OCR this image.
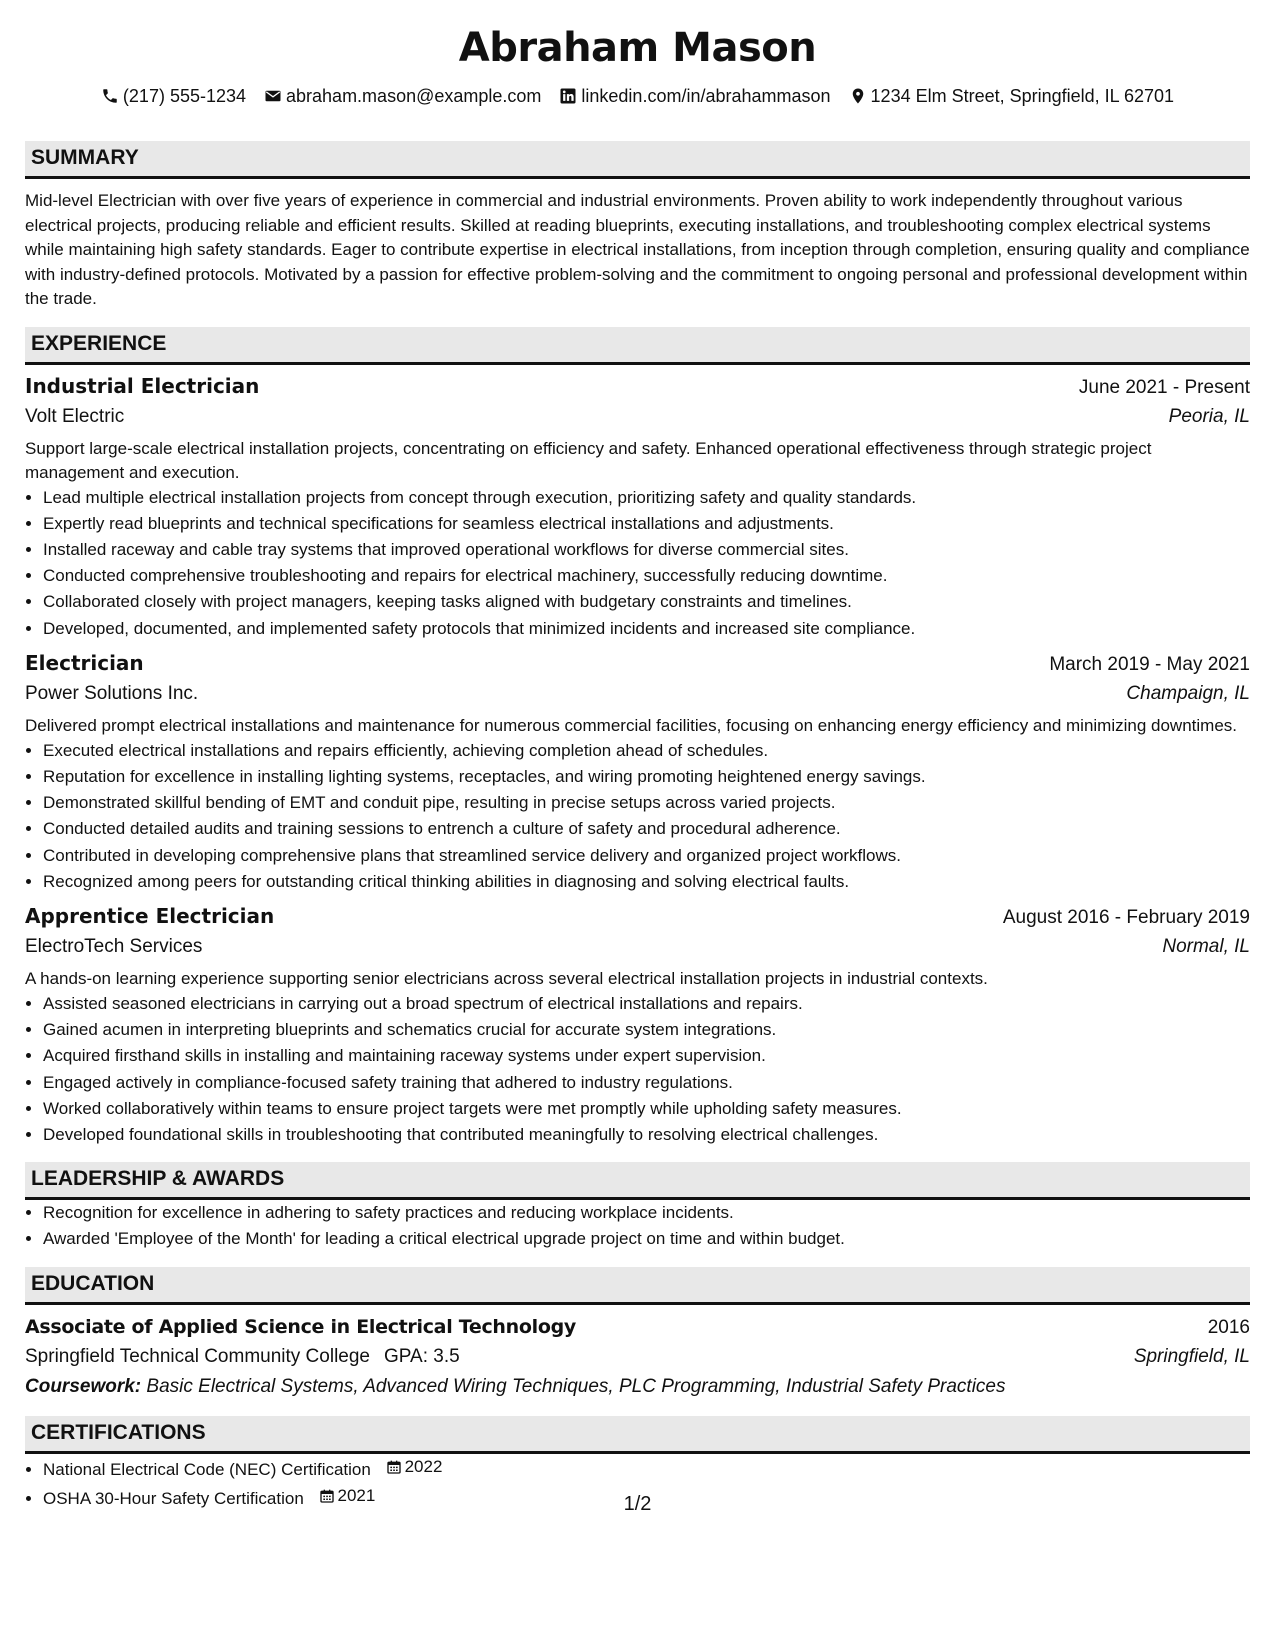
Abraham Mason
(217) 555-1234 abraham.mason@example.com linkedin.com/in/abrahammason 1234 Elm Street, Springfield, IL 62701
SUMMARY

Mid-level Electrician with over five years of experience in commercial and industrial environments. Proven ability to work independently throughout various electrical projects, producing reliable and efficient results. Skilled at reading blueprints, executing installations, and troubleshooting complex electrical systems while maintaining high safety standards. Eager to contribute expertise in electrical installations, from inception through completion, ensuring quality and compliance with industry-defined protocols. Motivated by a passion for effective problem-solving and the commitment to ongoing personal and professional development within the trade.

EXPERIENCE
Industrial Electrician	June 2021 - Present
Volt Electric	Peoria, IL
Support large-scale electrical installation projects, concentrating on efficiency and safety. Enhanced operational effectiveness through strategic project management and execution.
• Lead multiple electrical installation projects from concept through execution, prioritizing safety and quality standards.
• Expertly read blueprints and technical specifications for seamless electrical installations and adjustments.
• Installed raceway and cable tray systems that improved operational workflows for diverse commercial sites.
• Conducted comprehensive troubleshooting and repairs for electrical machinery, successfully reducing downtime.
• Collaborated closely with project managers, keeping tasks aligned with budgetary constraints and timelines.
• Developed, documented, and implemented safety protocols that minimized incidents and increased site compliance.
Electrician	March 2019 - May 2021
Power Solutions Inc.	Champaign, IL
Delivered prompt electrical installations and maintenance for numerous commercial facilities, focusing on enhancing energy efficiency and minimizing downtimes.
• Executed electrical installations and repairs efficiently, achieving completion ahead of schedules.
• Reputation for excellence in installing lighting systems, receptacles, and wiring promoting heightened energy savings.
• Demonstrated skillful bending of EMT and conduit pipe, resulting in precise setups across varied projects.
• Conducted detailed audits and training sessions to entrench a culture of safety and procedural adherence.
• Contributed in developing comprehensive plans that streamlined service delivery and organized project workflows.
• Recognized among peers for outstanding critical thinking abilities in diagnosing and solving electrical faults.
Apprentice Electrician	August 2016 - February 2019
ElectroTech Services	Normal, IL
A hands-on learning experience supporting senior electricians across several electrical installation projects in industrial contexts.
• Assisted seasoned electricians in carrying out a broad spectrum of electrical installations and repairs.
• Gained acumen in interpreting blueprints and schematics crucial for accurate system integrations.
• Acquired firsthand skills in installing and maintaining raceway systems under expert supervision.
• Engaged actively in compliance-focused safety training that adhered to industry regulations.
• Worked collaboratively within teams to ensure project targets were met promptly while upholding safety measures.
• Developed foundational skills in troubleshooting that contributed meaningfully to resolving electrical challenges.
LEADERSHIP & AWARDS
• Recognition for excellence in adhering to safety practices and reducing workplace incidents.
• Awarded 'Employee of the Month' for leading a critical electrical upgrade project on time and within budget.
EDUCATION
Associate of Applied Science in Electrical Technology	2016
Springfield Technical Community College GPA: 3.5	Springfield, IL
Coursework: Basic Electrical Systems, Advanced Wiring Techniques, PLC Programming, Industrial Safety Practices
CERTIFICATIONS
• National Electrical Code (NEC) Certification 2022
• OSHA 30-Hour Safety Certification 2021	1/2
